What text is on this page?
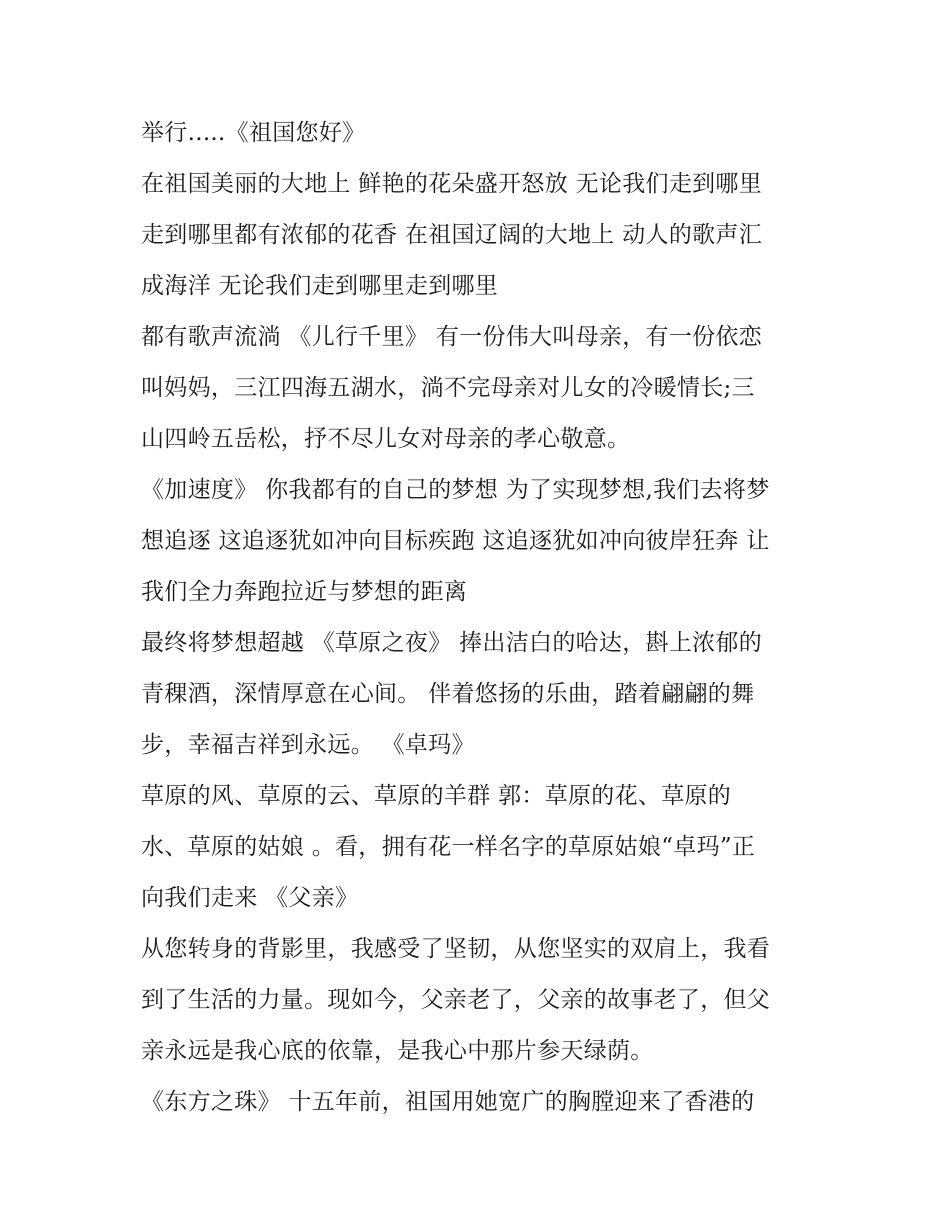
举行.....《祖国您好》
在祖国美丽的大地上 鲜艳的花朵盛开怒放 无论我们走到哪里
走到哪里都有浓郁的花香 在祖国辽阔的大地上 动人的歌声汇
成海洋 无论我们走到哪里走到哪里
都有歌声流淌 《儿行千里》 有一份伟大叫母亲，有一份依恋
叫妈妈，三江四海五湖水，淌不完母亲对儿女的冷暖情长;三
山四岭五岳松，抒不尽儿女对母亲的孝心敬意。
《加速度》 你我都有的自己的梦想 为了实现梦想,我们去将梦
想追逐 这追逐犹如冲向目标疾跑 这追逐犹如冲向彼岸狂奔 让
我们全力奔跑拉近与梦想的距离
最终将梦想超越 《草原之夜》 捧出洁白的哈达，斟上浓郁的
青稞酒，深情厚意在心间。 伴着悠扬的乐曲，踏着翩翩的舞
步，幸福吉祥到永远。 《卓玛》
草原的风、草原的云、草原的羊群 郭：草原的花、草原的
水、草原的姑娘 。看，拥有花一样名字的草原姑娘“卓玛”正
向我们走来 《父亲》
从您转身的背影里，我感受了坚韧，从您坚实的双肩上，我看
到了生活的力量。现如今，父亲老了，父亲的故事老了，但父
亲永远是我心底的依靠，是我心中那片参天绿荫。
《东方之珠》 十五年前，祖国用她宽广的胸膛迎来了香港的
